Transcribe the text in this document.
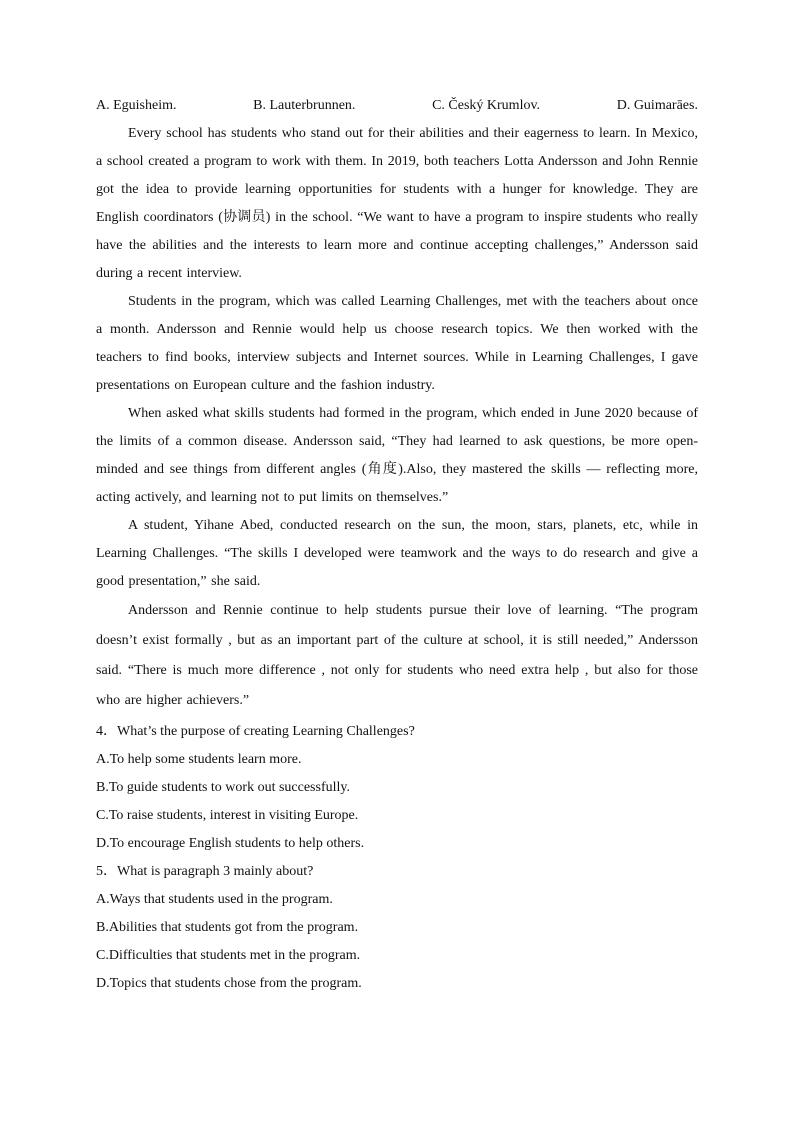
A. Eguisheim.	B. Lauterbrunnen.	C. Český Krumlov.	D. Guimarāes.

Every school has students who stand out for their abilities and their eagerness to learn. In Mexico, a school created a program to work with them. In 2019, both teachers Lotta Andersson and John Rennie got the idea to provide learning opportunities for students with a hunger for knowledge. They are English coordinators (协调员) in the school. “We want to have a program to inspire students who really have the abilities and the interests to learn more and continue accepting challenges,” Andersson said during a recent interview.

Students in the program, which was called Learning Challenges, met with the teachers about once a month. Andersson and Rennie would help us choose research topics. We then worked with the teachers to find books, interview subjects and Internet sources. While in Learning Challenges, I gave presentations on European culture and the fashion industry.

When asked what skills students had formed in the program, which ended in June 2020 because of the limits of a common disease. Andersson said, “They had learned to ask questions, be more open-minded and see things from different angles (角度).Also, they mastered the skills — reflecting more, acting actively, and learning not to put limits on themselves.”

A student, Yihane Abed, conducted research on the sun, the moon, stars, planets, etc, while in Learning Challenges. “The skills I developed were teamwork and the ways to do research and give a good presentation,” she said.

Andersson and Rennie continue to help students pursue their love of learning. “The program doesn’t exist formally , but as an important part of the culture at school, it is still needed,” Andersson said. “There is much more difference , not only for students who need extra help , but also for those who are higher achievers.”

4．What’s the purpose of creating Learning Challenges?

A.To help some students learn more.

B.To guide students to work out successfully.

C.To raise students, interest in visiting Europe.

D.To encourage English students to help others.

5．What is paragraph 3 mainly about?

A.Ways that students used in the program.

B.Abilities that students got from the program.

C.Difficulties that students met in the program.

D.Topics that students chose from the program.
